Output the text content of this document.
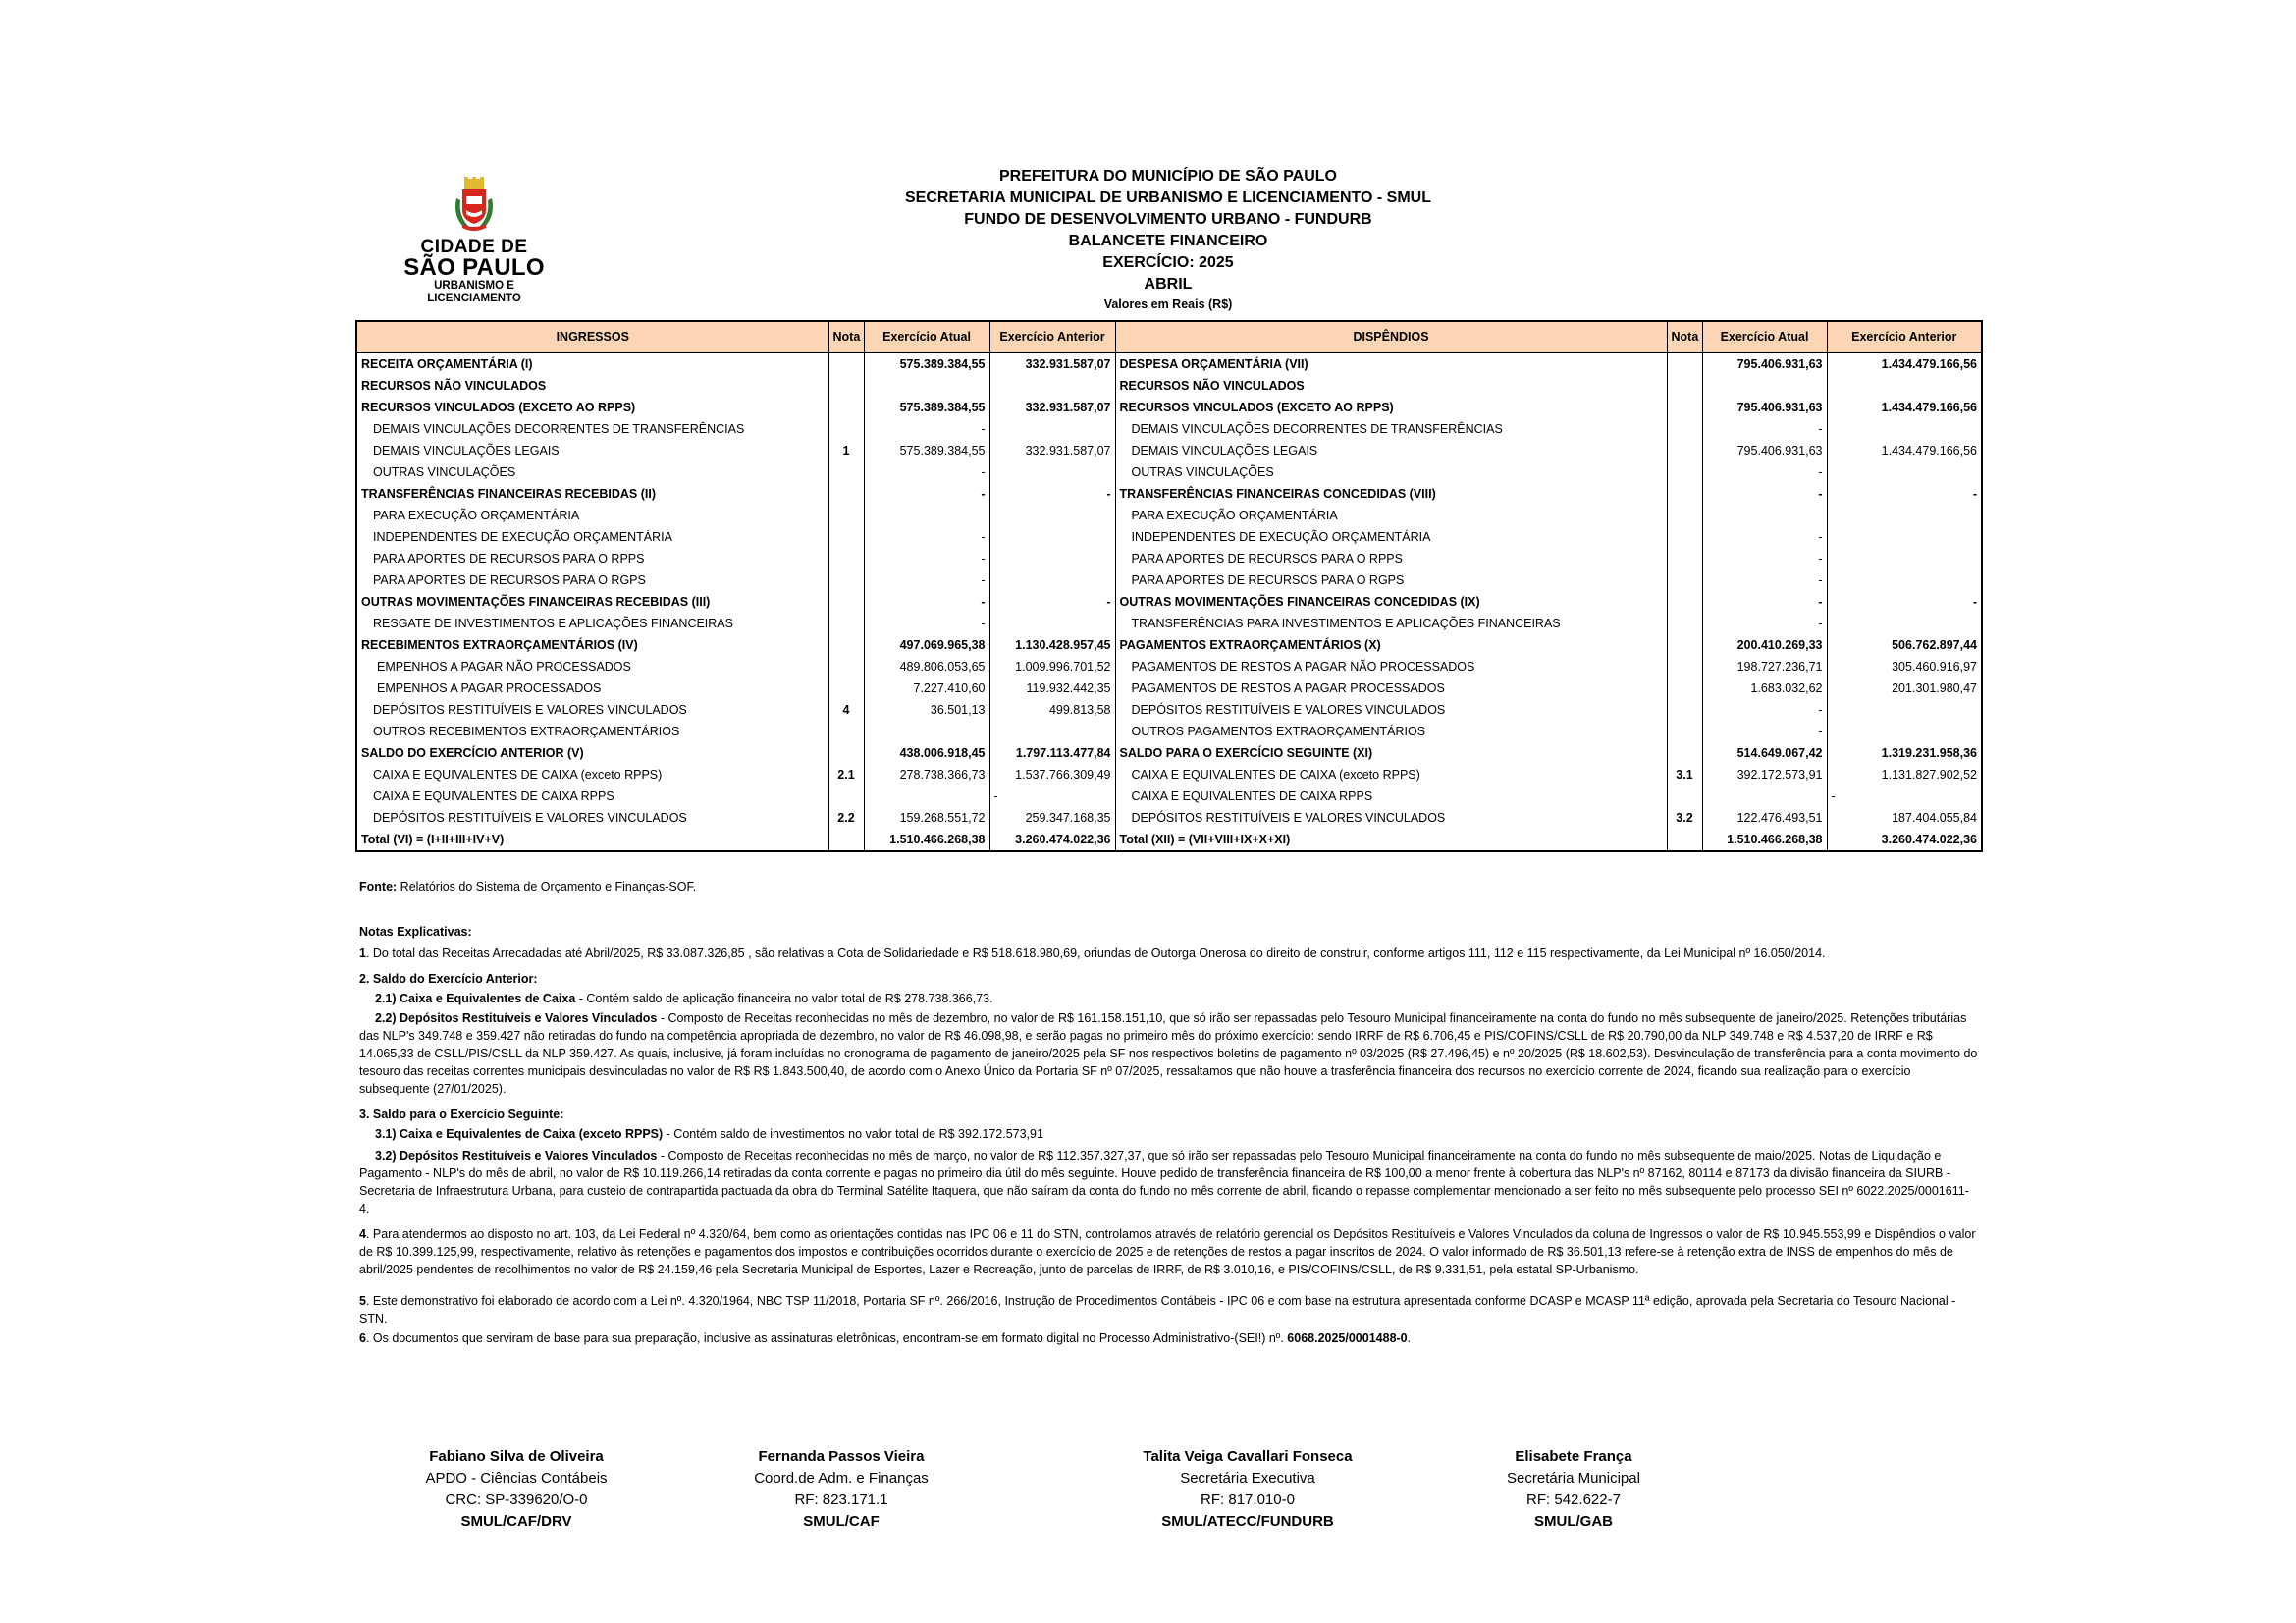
CIDADE DE
SÃO PAULO
URBANISMO E
LICENCIAMENTO
PREFEITURA DO MUNICÍPIO DE SÃO PAULO
SECRETARIA MUNICIPAL DE URBANISMO E LICENCIAMENTO - SMUL
FUNDO DE DESENVOLVIMENTO URBANO - FUNDURB
BALANCETE FINANCEIRO
EXERCÍCIO: 2025
ABRIL
Valores em Reais (R$)
INGRESSOS	Nota	Exercício Atual	Exercício Anterior	DISPÊNDIOS	Nota	Exercício Atual	Exercício Anterior
RECEITA ORÇAMENTÁRIA (I)		575.389.384,55	332.931.587,07	DESPESA ORÇAMENTÁRIA (VII)		795.406.931,63	1.434.479.166,56
RECURSOS NÃO VINCULADOS				RECURSOS NÃO VINCULADOS			
RECURSOS VINCULADOS (EXCETO AO RPPS)		575.389.384,55	332.931.587,07	RECURSOS VINCULADOS (EXCETO AO RPPS)		795.406.931,63	1.434.479.166,56
DEMAIS VINCULAÇÕES DECORRENTES DE TRANSFERÊNCIAS		-		DEMAIS VINCULAÇÕES DECORRENTES DE TRANSFERÊNCIAS		-	
DEMAIS VINCULAÇÕES LEGAIS	1	575.389.384,55	332.931.587,07	DEMAIS VINCULAÇÕES LEGAIS		795.406.931,63	1.434.479.166,56
OUTRAS VINCULAÇÕES		-		OUTRAS VINCULAÇÕES		-	
TRANSFERÊNCIAS FINANCEIRAS RECEBIDAS (II)		-	-	TRANSFERÊNCIAS FINANCEIRAS CONCEDIDAS (VIII)		-	-
PARA EXECUÇÃO ORÇAMENTÁRIA				PARA EXECUÇÃO ORÇAMENTÁRIA			
INDEPENDENTES DE EXECUÇÃO ORÇAMENTÁRIA		-		INDEPENDENTES DE EXECUÇÃO ORÇAMENTÁRIA		-	
PARA APORTES DE RECURSOS PARA O RPPS		-		PARA APORTES DE RECURSOS PARA O RPPS		-	
PARA APORTES DE RECURSOS PARA O RGPS		-		PARA APORTES DE RECURSOS PARA O RGPS		-	
OUTRAS MOVIMENTAÇÕES FINANCEIRAS RECEBIDAS (III)		-	-	OUTRAS MOVIMENTAÇÕES FINANCEIRAS CONCEDIDAS (IX)		-	-
RESGATE DE INVESTIMENTOS E APLICAÇÕES FINANCEIRAS		-		TRANSFERÊNCIAS PARA INVESTIMENTOS E APLICAÇÕES FINANCEIRAS		-	
RECEBIMENTOS EXTRAORÇAMENTÁRIOS (IV)		497.069.965,38	1.130.428.957,45	PAGAMENTOS EXTRAORÇAMENTÁRIOS (X)		200.410.269,33	506.762.897,44
EMPENHOS A PAGAR NÃO PROCESSADOS		489.806.053,65	1.009.996.701,52	PAGAMENTOS DE RESTOS A PAGAR NÃO PROCESSADOS		198.727.236,71	305.460.916,97
EMPENHOS A PAGAR PROCESSADOS		7.227.410,60	119.932.442,35	PAGAMENTOS DE RESTOS A PAGAR PROCESSADOS		1.683.032,62	201.301.980,47
DEPÓSITOS RESTITUÍVEIS E VALORES VINCULADOS	4	36.501,13	499.813,58	DEPÓSITOS RESTITUÍVEIS E VALORES VINCULADOS		-	
OUTROS RECEBIMENTOS EXTRAORÇAMENTÁRIOS				OUTROS PAGAMENTOS EXTRAORÇAMENTÁRIOS		-	
SALDO DO EXERCÍCIO ANTERIOR (V)		438.006.918,45	1.797.113.477,84	SALDO PARA O EXERCÍCIO SEGUINTE (XI)		514.649.067,42	1.319.231.958,36
CAIXA E EQUIVALENTES DE CAIXA (exceto RPPS)	2.1	278.738.366,73	1.537.766.309,49	CAIXA E EQUIVALENTES DE CAIXA (exceto RPPS)	3.1	392.172.573,91	1.131.827.902,52
CAIXA E EQUIVALENTES DE CAIXA RPPS			-	CAIXA E EQUIVALENTES DE CAIXA RPPS			-
DEPÓSITOS RESTITUÍVEIS E VALORES VINCULADOS	2.2	159.268.551,72	259.347.168,35	DEPÓSITOS RESTITUÍVEIS E VALORES VINCULADOS	3.2	122.476.493,51	187.404.055,84
Total (VI) = (I+II+III+IV+V)		1.510.466.268,38	3.260.474.022,36	Total (XII) = (VII+VIII+IX+X+XI)		1.510.466.268,38	3.260.474.022,36
Fonte: Relatórios do Sistema de Orçamento e Finanças-SOF.

Notas Explicativas:

1. Do total das Receitas Arrecadadas até Abril/2025, R$ 33.087.326,85 , são relativas a Cota de Solidariedade e R$ 518.618.980,69, oriundas de Outorga Onerosa do direito de construir, conforme artigos 111, 112 e 115 respectivamente, da Lei Municipal nº 16.050/2014.

2. Saldo do Exercício Anterior:

2.1) Caixa e Equivalentes de Caixa - Contém saldo de aplicação financeira no valor total de R$ 278.738.366,73.

2.2) Depósitos Restituíveis e Valores Vinculados - Composto de Receitas reconhecidas no mês de dezembro, no valor de R$ 161.158.151,10, que só irão ser repassadas pelo Tesouro Municipal financeiramente na conta do fundo no mês subsequente de janeiro/2025. Retenções tributárias das NLP's 349.748 e 359.427 não retiradas do fundo na competência apropriada de dezembro, no valor de R$ 46.098,98, e serão pagas no primeiro mês do próximo exercício: sendo IRRF de R$ 6.706,45 e PIS/COFINS/CSLL de R$ 20.790,00 da NLP 349.748 e R$ 4.537,20 de IRRF e R$ 14.065,33 de CSLL/PIS/CSLL da NLP 359.427. As quais, inclusive, já foram incluídas no cronograma de pagamento de janeiro/2025 pela SF nos respectivos boletins de pagamento nº 03/2025 (R$ 27.496,45) e nº 20/2025 (R$ 18.602,53). Desvinculação de transferência para a conta movimento do tesouro das receitas correntes municipais desvinculadas no valor de R$ R$ 1.843.500,40, de acordo com o Anexo Único da Portaria SF nº 07/2025, ressaltamos que não houve a trasferência financeira dos recursos no exercício corrente de 2024, ficando sua realização para o exercício subsequente (27/01/2025).

3. Saldo para o Exercício Seguinte:

3.1) Caixa e Equivalentes de Caixa (exceto RPPS) - Contém saldo de investimentos no valor total de R$ 392.172.573,91

3.2) Depósitos Restituíveis e Valores Vinculados - Composto de Receitas reconhecidas no mês de março, no valor de R$ 112.357.327,37, que só irão ser repassadas pelo Tesouro Municipal financeiramente na conta do fundo no mês subsequente de maio/2025. Notas de Liquidação e Pagamento - NLP's do mês de abril, no valor de R$ 10.119.266,14 retiradas da conta corrente e pagas no primeiro dia útil do mês seguinte. Houve pedido de transferência financeira de R$ 100,00 a menor frente à cobertura das NLP's nº 87162, 80114 e 87173 da divisão financeira da SIURB - Secretaria de Infraestrutura Urbana, para custeio de contrapartida pactuada da obra do Terminal Satélite Itaquera, que não saíram da conta do fundo no mês corrente de abril, ficando o repasse complementar mencionado a ser feito no mês subsequente pelo processo SEI nº 6022.2025/0001611-4.

4. Para atendermos ao disposto no art. 103, da Lei Federal nº 4.320/64, bem como as orientações contidas nas IPC 06 e 11 do STN, controlamos através de relatório gerencial os Depósitos Restituíveis e Valores Vinculados da coluna de Ingressos o valor de R$ 10.945.553,99 e Dispêndios o valor de R$ 10.399.125,99, respectivamente, relativo às retenções e pagamentos dos impostos e contribuições ocorridos durante o exercício de 2025 e de retenções de restos a pagar inscritos de 2024. O valor informado de R$ 36.501,13 refere-se à retenção extra de INSS de empenhos do mês de abril/2025 pendentes de recolhimentos no valor de R$ 24.159,46 pela Secretaria Municipal de Esportes, Lazer e Recreação, junto de parcelas de IRRF, de R$ 3.010,16, e PIS/COFINS/CSLL, de R$ 9.331,51, pela estatal SP-Urbanismo.

5. Este demonstrativo foi elaborado de acordo com a Lei nº. 4.320/1964, NBC TSP 11/2018, Portaria SF nº. 266/2016, Instrução de Procedimentos Contábeis - IPC 06 e com base na estrutura apresentada conforme DCASP e MCASP 11ª edição, aprovada pela Secretaria do Tesouro Nacional - STN.

6. Os documentos que serviram de base para sua preparação, inclusive as assinaturas eletrônicas, encontram-se em formato digital no Processo Administrativo-(SEI!) nº. 6068.2025/0001488-0.

Fabiano Silva de Oliveira
APDO - Ciências Contábeis
CRC: SP-339620/O-0
SMUL/CAF/DRV
Fernanda Passos Vieira
Coord.de Adm. e Finanças
RF: 823.171.1
SMUL/CAF
Talita Veiga Cavallari Fonseca
Secretária Executiva
RF: 817.010-0
SMUL/ATECC/FUNDURB
Elisabete França
Secretária Municipal
RF: 542.622-7
SMUL/GAB
